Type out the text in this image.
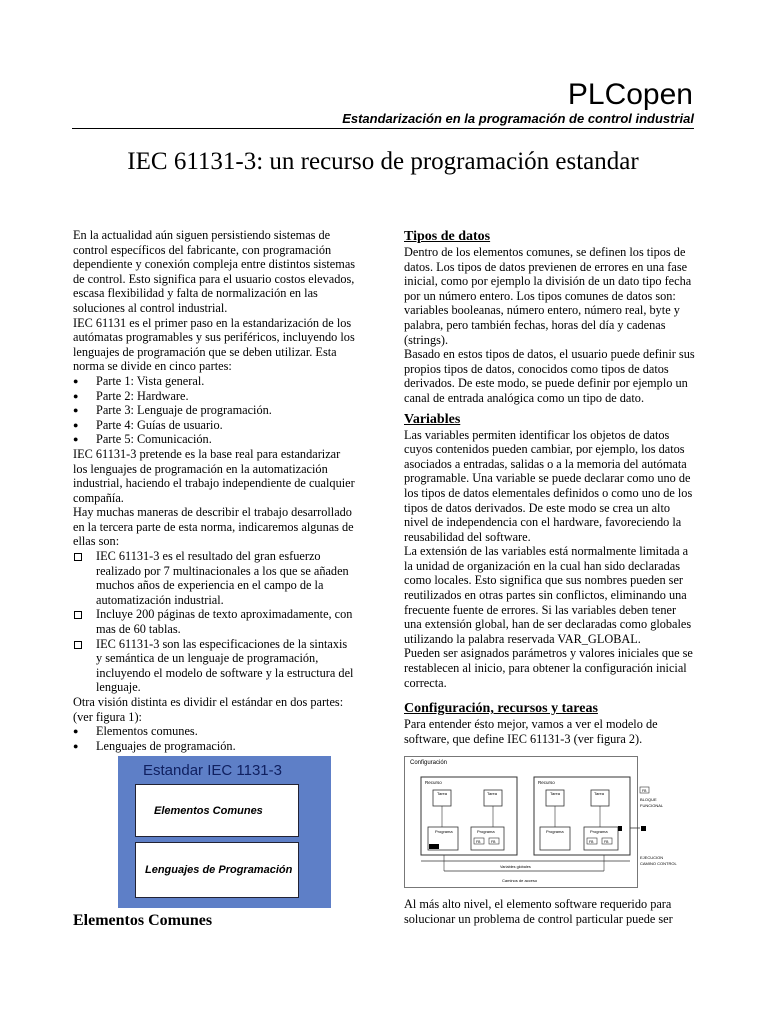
PLCopen
Estandarización en la programación de control industrial
IEC 61131-3: un recurso de programación estandar

En la actualidad aún siguen persistiendo sistemas de control específicos del fabricante, con programación dependiente y conexión compleja entre distintos sistemas de control. Esto significa para el usuario costos elevados, escasa flexibilidad y falta de normalización en las soluciones al control industrial.

IEC 61131 es el primer paso en la estandarización de los autómatas programables y sus periféricos, incluyendo los lenguajes de programación que se deben utilizar. Esta norma se divide en cinco partes:

● Parte 1: Vista general.
● Parte 2: Hardware.
● Parte 3: Lenguaje de programación.
● Parte 4: Guías de usuario.
● Parte 5: Comunicación.

IEC 61131-3 pretende es la base real para estandarizar los lenguajes de programación en la automatización industrial, haciendo el trabajo independiente de cualquier compañía.

Hay muchas maneras de describir el trabajo desarrollado en la tercera parte de esta norma, indicaremos algunas de ellas son:

IEC 61131-3 es el resultado del gran esfuerzo realizado por 7 multinacionales a los que se añaden muchos años de experiencia en el campo de la automatización industrial.
Incluye 200 páginas de texto aproximadamente, con mas de 60 tablas.
IEC 61131-3 son las especificaciones de la sintaxis y semántica de un lenguaje de programación, incluyendo el modelo de software y la estructura del lenguaje.

Otra visión distinta es dividir el estándar en dos partes: (ver figura 1):

● Elementos comunes.
● Lenguajes de programación.
Estandar IEC 1131-3
Elementos Comunes
Lenguajes de Programación
Elementos Comunes
Tipos de datos

Dentro de los elementos comunes, se definen los tipos de datos. Los tipos de datos previenen de errores en una fase inicial, como por ejemplo la división de un dato tipo fecha por un número entero. Los tipos comunes de datos son: variables booleanas, número entero, número real, byte y palabra, pero también fechas, horas del día y cadenas (strings).

Basado en estos tipos de datos, el usuario puede definir sus propios tipos de datos, conocidos como tipos de datos derivados. De este modo, se puede definir por ejemplo un canal de entrada analógica como un tipo de dato.

Variables

Las variables permiten identificar los objetos de datos cuyos contenidos pueden cambiar, por ejemplo, los datos asociados a entradas, salidas o a la memoria del autómata programable. Una variable se puede declarar como uno de los tipos de datos elementales definidos o como uno de los tipos de datos derivados. De este modo se crea un alto nivel de independencia con el hardware, favoreciendo la reusabilidad del software.

La extensión de las variables está normalmente limitada a la unidad de organización en la cual han sido declaradas como locales. Esto significa que sus nombres pueden ser reutilizados en otras partes sin conflictos, eliminando una frecuente fuente de errores. Si las variables deben tener una extensión global, han de ser declaradas como globales utilizando la palabra reservada VAR_GLOBAL.

Pueden ser asignados parámetros y valores iniciales que se restablecen al inicio, para obtener la configuración inicial correcta.

Configuración, recursos y tareas

Para entender ésto mejor, vamos a ver el modelo de software, que define IEC 61131-3 (ver figura 2).

Configuración
Recurso
Tarea	Tarea
Programa	Programa
FB	FB
Recurso
Tarea	Tarea
Programa	Programa
FB	FB
Variables globales
Caminos de acceso
FB
BLOQUE
FUNCIONAL
EJECUCION
CAMINO CONTROL
Al más alto nivel, el elemento software requerido para solucionar un problema de control particular puede ser
